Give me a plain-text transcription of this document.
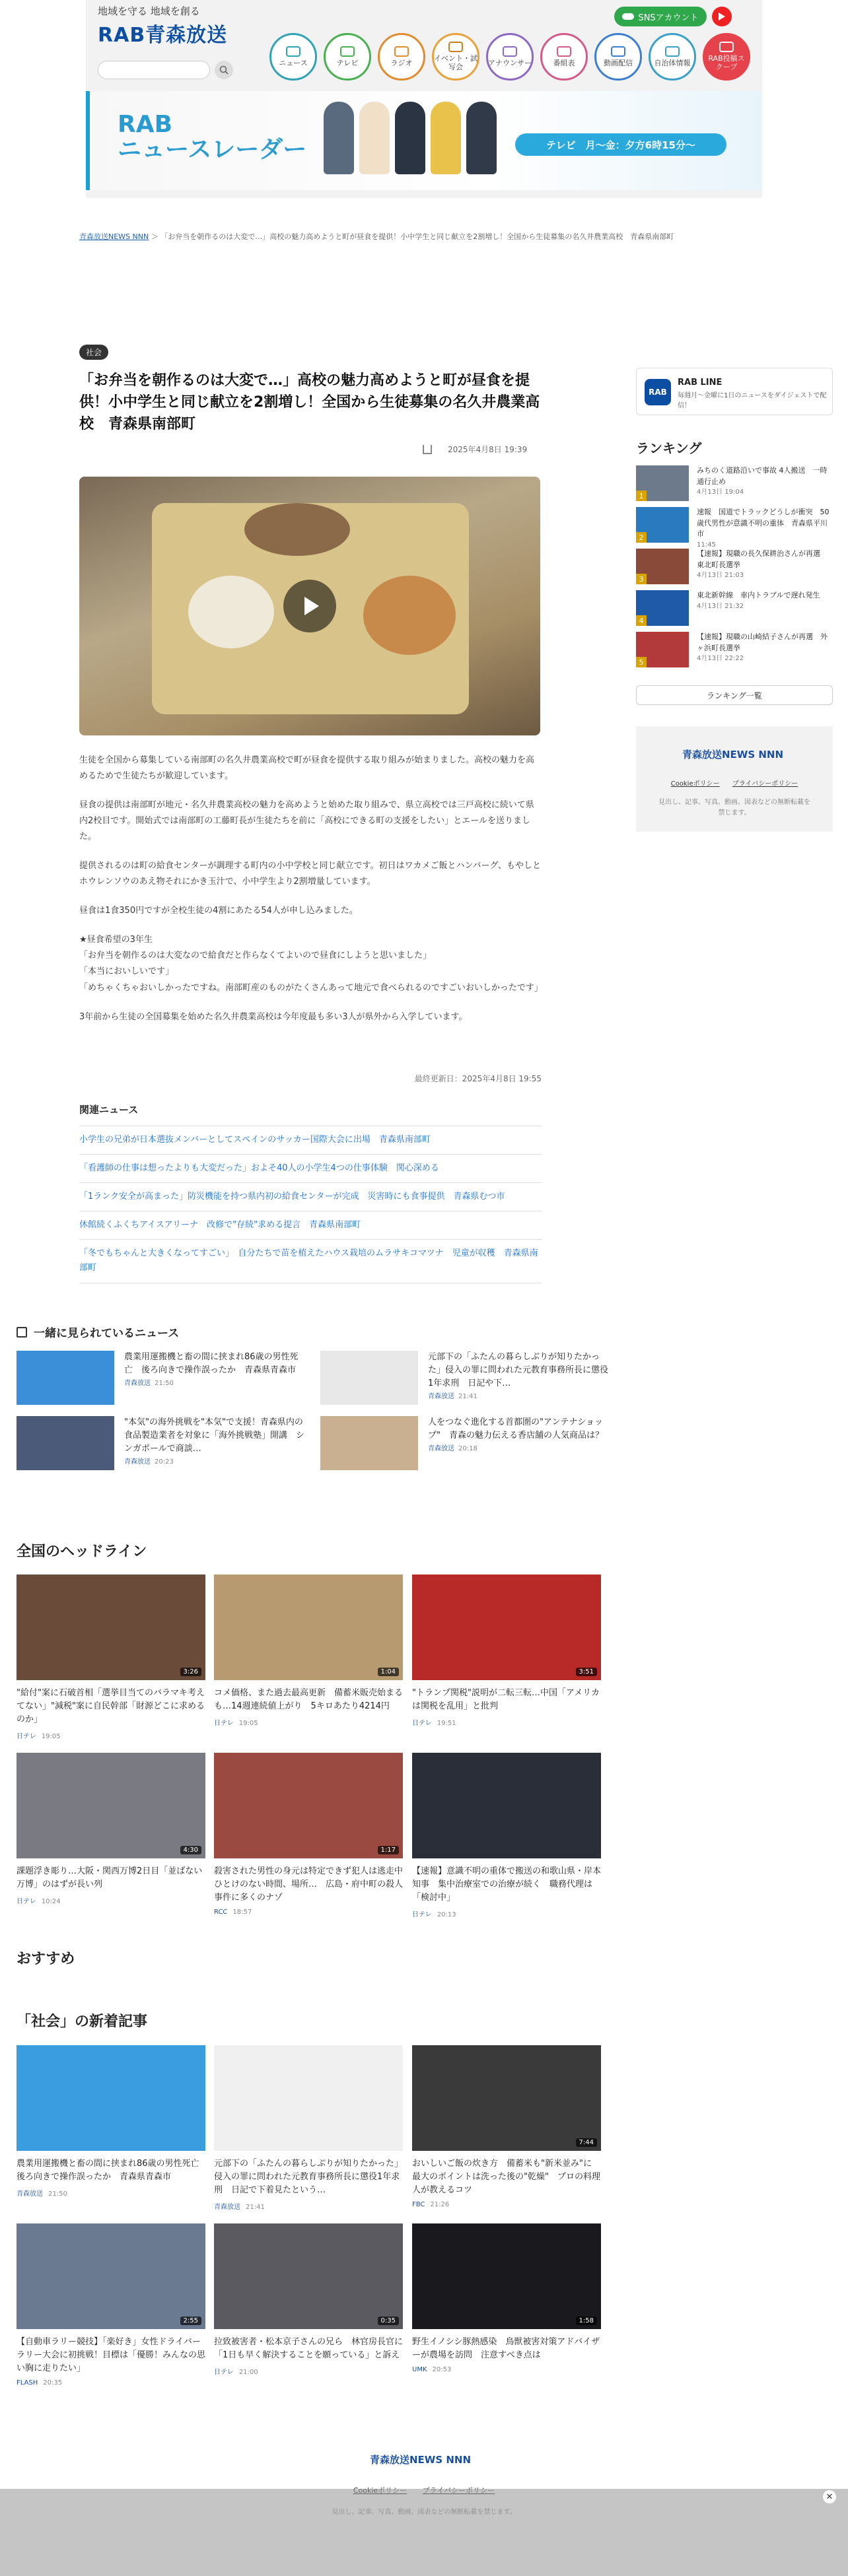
地域を守る 地域を創る
RAB青森放送
SNSアカウント
ニュース	テレビ	ラジオ	イベント・試写会	アナウンサー	番組表	動画配信	自治体情報	RAB投稿スクープ
RAB
ニュースレーダー	テレビ　月〜金：夕方6時15分〜
青森放送NEWS NNN ＞ 「お弁当を朝作るのは大変で…」高校の魅力高めようと町が昼食を提供！小中学生と同じ献立を2割増し！全国から生徒募集の名久井農業高校　青森県南部町
社会
「お弁当を朝作るのは大変で…」高校の魅力高めようと町が昼食を提供！小中学生と同じ献立を2割増し！全国から生徒募集の名久井農業高校　青森県南部町
2025年4月8日 19:39

生徒を全国から募集している南部町の名久井農業高校で町が昼食を提供する取り組みが始まりました。高校の魅力を高めるためで生徒たちが歓迎しています。

昼食の提供は南部町が地元・名久井農業高校の魅力を高めようと始めた取り組みで、県立高校では三戸高校に続いて県内2校目です。開始式では南部町の工藤町長が生徒たちを前に「高校にできる町の支援をしたい」とエールを送りました。

提供されるのは町の給食センターが調理する町内の小中学校と同じ献立です。初日はワカメご飯とハンバーグ、もやしとホウレンソウのあえ物それにかき玉汁で、小中学生より2割増量しています。

昼食は1食350円ですが全校生徒の4割にあたる54人が申し込みました。

★昼食希望の3年生
「お弁当を朝作るのは大変なので給食だと作らなくてよいので昼食にしようと思いました」
「本当においしいです」
「めちゃくちゃおいしかったですね。南部町産のものがたくさんあって地元で食べられるのですごいおいしかったです」

3年前から生徒の全国募集を始めた名久井農業高校は今年度最も多い3人が県外から入学しています。

最終更新日：2025年4月8日 19:55
関連ニュース
小学生の兄弟が日本選抜メンバーとしてスペインのサッカー国際大会に出場　青森県南部町
「看護師の仕事は想ったよりも大変だった」およそ40人の小学生4つの仕事体験　関心深める
「1ランク安全が高まった」防災機能を持つ県内初の給食センターが完成　災害時にも食事提供　青森県むつ市
休館続くふくちアイスアリーナ　改修で"存続"求める提言　青森県南部町
「冬でもちゃんと大きくなってすごい」　自分たちで苗を植えたハウス栽培のムラサキコマツナ　児童が収穫　青森県南部町
RAB
RAB LINE
毎週月〜金曜に1日のニュースをダイジェストで配信！
ランキング
1
みちのく道路沿いで事故 4人搬送　一時通行止め
4月13日 19:04
2
速報　国道でトラックどうしが衝突　50歳代男性が意識不明の重体　青森県平川市
11:45
3
【速報】現職の長久保耕治さんが再選　東北町長選挙
4月13日 21:03
4
東北新幹線　車内トラブルで遅れ発生
4月13日 21:32
5
【速報】現職の山崎結子さんが再選　外ヶ浜町長選挙
4月13日 22:22
ランキング一覧
青森放送NEWS NNN
Cookieポリシー プライバシーポリシー
見出し、記事、写真、動画、図表などの無断転載を禁じます。
一緒に見られているニュース
農業用運搬機と畜の間に挟まれ86歳の男性死亡　後ろ向きで操作誤ったか　青森県青森市
青森放送 21:50
元部下の「ふたんの暮らしぶりが知りたかった」侵入の罪に問われた元教育事務所長に懲役1年求刑　日記や下…
青森放送 21:41
"本気"の海外挑戦を"本気"で支援！青森県内の食品製造業者を対象に「海外挑戦塾」開講　シンガポールで商談…
青森放送 20:23
人をつなぐ進化する首都圏の"アンテナショップ"　青森の魅力伝える香店舗の人気商品は？
青森放送 20:18
全国のヘッドライン
3:26
"給付"案に石破首相「選挙目当てのバラマキ考えてない」"減税"案に自民幹部「財源どこに求めるのか」
日テレ 19:05
1:04
コメ価格、また過去最高更新　備蓄米販売始まるも…14週連続値上がり　5キロあたり4214円
日テレ 19:05
3:51
"トランプ関税"説明が二転三転…中国「アメリカは関税を乱用」と批判
日テレ 19:51
4:30
課題浮き彫り…大阪・関西万博2日目「並ばない万博」のはずが長い列
日テレ 10:24
1:17
殺害された男性の身元は特定できず犯人は逃走中　ひとけのない時間、場所…　広島・府中町の殺人事件に多くのナゾ
RCC 18:57
【速報】意識不明の重体で搬送の和歌山県・岸本知事　集中治療室での治療が続く　職務代理は「検討中」
日テレ 20:13
おすすめ
「社会」の新着記事
農業用運搬機と畜の間に挟まれ86歳の男性死亡　後ろ向きで操作誤ったか　青森県青森市
青森放送 21:50
元部下の「ふたんの暮らしぶりが知りたかった」侵入の罪に問われた元教育事務所長に懲役1年求刑　日記で下着見たという…
青森放送 21:41
7:44
おいしいご飯の炊き方　備蓄米も"新米並み"に　最大のポイントは洗った後の"乾燥"　プロの料理人が教えるコツ
FBC 21:26
2:55
【自動車ラリー競技】「楽好き」女性ドライバー　ラリー大会に初挑戦！目標は「優勝！みんなの思い胸に走りたい」
FLASH 20:35
0:35
拉致被害者・松本京子さんの兄ら　林官房長官に「1日も早く解決することを願っている」と訴え
日テレ 21:00
1:58
野生イノシシ豚熱感染　鳥獣被害対策アドバイザーが農場を訪問　注意すべき点は
UMK 20:53
青森放送NEWS NNN
✕
